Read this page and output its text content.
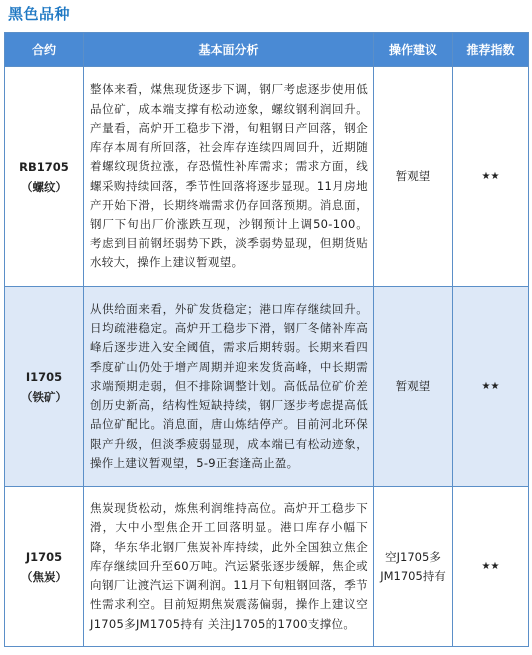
黑色品种
合约	基本面分析	操作建议	推荐指数

RB1705
（螺纹）	整体来看，煤焦现货逐步下调，钢厂考虑逐步使用低品位矿，成本端支撑有松动迹象，螺纹钢利润回升。产量看，高炉开工稳步下滑，旬粗钢日产回落，钢企库存本周有所回落，社会库存连续四周回升，近期随着螺纹现货拉涨，存恐慌性补库需求；需求方面，线螺采购持续回落，季节性回落将逐步显现。11月房地产开始下滑，长期终端需求仍存回落预期。消息面，钢厂下旬出厂价涨跌互现，沙钢预计上调50-100。考虑到目前钢坯弱势下跌，淡季弱势显现，但期货贴水较大，操作上建议暂观望。	暂观望	★★

I1705
（铁矿）	从供给面来看，外矿发货稳定；港口库存继续回升。日均疏港稳定。高炉开工稳步下滑，钢厂冬储补库高峰后逐步进入安全阈值，需求后期转弱。长期来看四季度矿山仍处于增产周期并迎来发货高峰，中长期需求端预期走弱，但不排除调整计划。高低品位矿价差创历史新高，结构性短缺持续，钢厂逐步考虑提高低品位矿配比。消息面，唐山炼结停产。目前河北环保限产升级，但淡季疲弱显现，成本端已有松动迹象，操作上建议暂观望，5-9正套逢高止盈。	暂观望	★★

J1705
（焦炭）	焦炭现货松动，炼焦利润维持高位。高炉开工稳步下滑，大中小型焦企开工回落明显。港口库存小幅下降，华东华北钢厂焦炭补库持续，此外全国独立焦企库存继续回升至60万吨。汽运紧张逐步缓解，焦企或向钢厂让渡汽运下调利润。11月下旬粗钢回落，季节性需求利空。目前短期焦炭震荡偏弱，操作上建议空J1705多JM1705持有 关注J1705的1700支撑位。	空J1705多JM1705持有	★★
